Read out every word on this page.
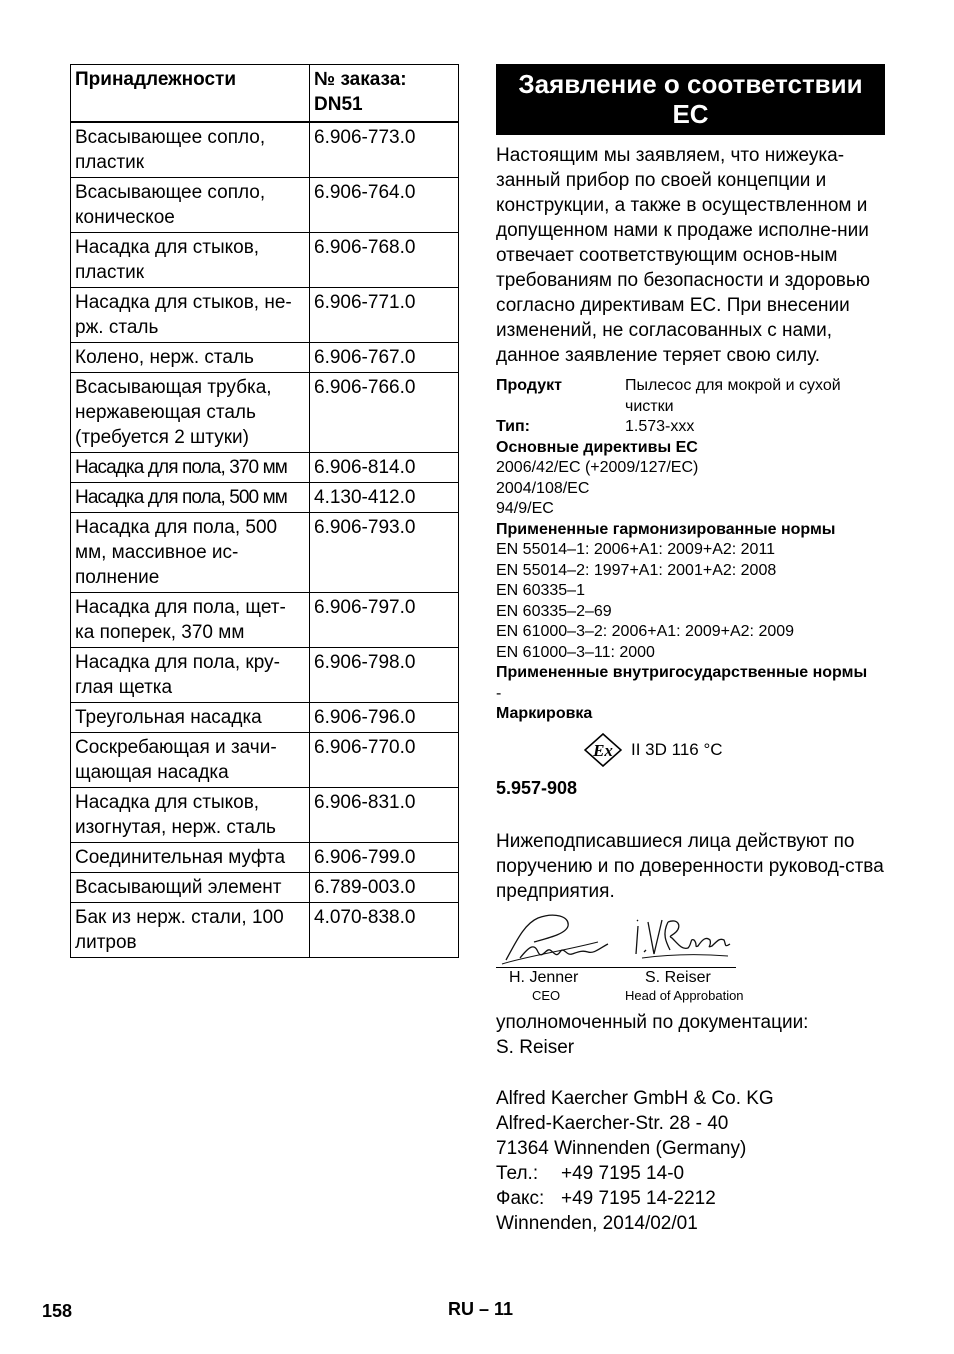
Принадлежности	№ заказа: DN51
Всасывающее сопло, пластик	6.906-773.0
Всасывающее сопло, коническое	6.906-764.0
Насадка для стыков, пластик	6.906-768.0
Насадка для стыков, не-рж. сталь	6.906-771.0
Колено, нерж. сталь	6.906-767.0
Всасывающая трубка, нержавеющая сталь (требуется 2 штуки)	6.906-766.0
Насадка для пола, 370 мм	6.906-814.0
Насадка для пола, 500 мм	4.130-412.0
Насадка для пола, 500 мм, массивное ис-полнение	6.906-793.0
Насадка для пола, щет-ка поперек, 370 мм	6.906-797.0
Насадка для пола, кру-глая щетка	6.906-798.0
Треугольная насадка	6.906-796.0
Соскребающая и зачи-щающая насадка	6.906-770.0
Насадка для стыков, изогнутая, нерж. сталь	6.906-831.0
Соединительная муфта	6.906-799.0
Всасывающий элемент	6.789-003.0
Бак из нерж. стали, 100 литров	4.070-838.0
Заявление о соответствии ЕС

Настоящим мы заявляем, что нижеука-занный прибор по своей концепции и конструкции, а также в осуществленном и допущенном нами к продаже исполне-нии отвечает соответствующим основ-ным требованиям по безопасности и здоровью согласно директивам ЕС. При внесении изменений, не согласованных с нами, данное заявление теряет свою силу.

Продукт	Пылесос для мокрой и сухой чистки
Тип:	1.573-xxx
Основные директивы ЕС
2006/42/EC (+2009/127/EC)
2004/108/EC
94/9/EC
Примененные гармонизированные нормы
EN 55014–1: 2006+A1: 2009+A2: 2011
EN 55014–2: 1997+A1: 2001+A2: 2008
EN 60335–1
EN 60335–2–69
EN 61000–3–2: 2006+A1: 2009+A2: 2009
EN 61000–3–11: 2000
Примененные внутригосударственные нормы
-
Маркировка
Ex II 3D 116 °C
5.957-908

Нижеподписавшиеся лица действуют по поручению и по доверенности руковод-ства предприятия.

H. Jenner	S. Reiser
CEO	Head of Approbation

уполномоченный по документации:

S. Reiser

Alfred Kaercher GmbH & Co. KG

Alfred-Kaercher-Str. 28 - 40

71364 Winnenden (Germany)

Тел.:	+49 7195 14-0
Факс: +49 7195 14-2212

Winnenden, 2014/02/01

158	RU – 11
